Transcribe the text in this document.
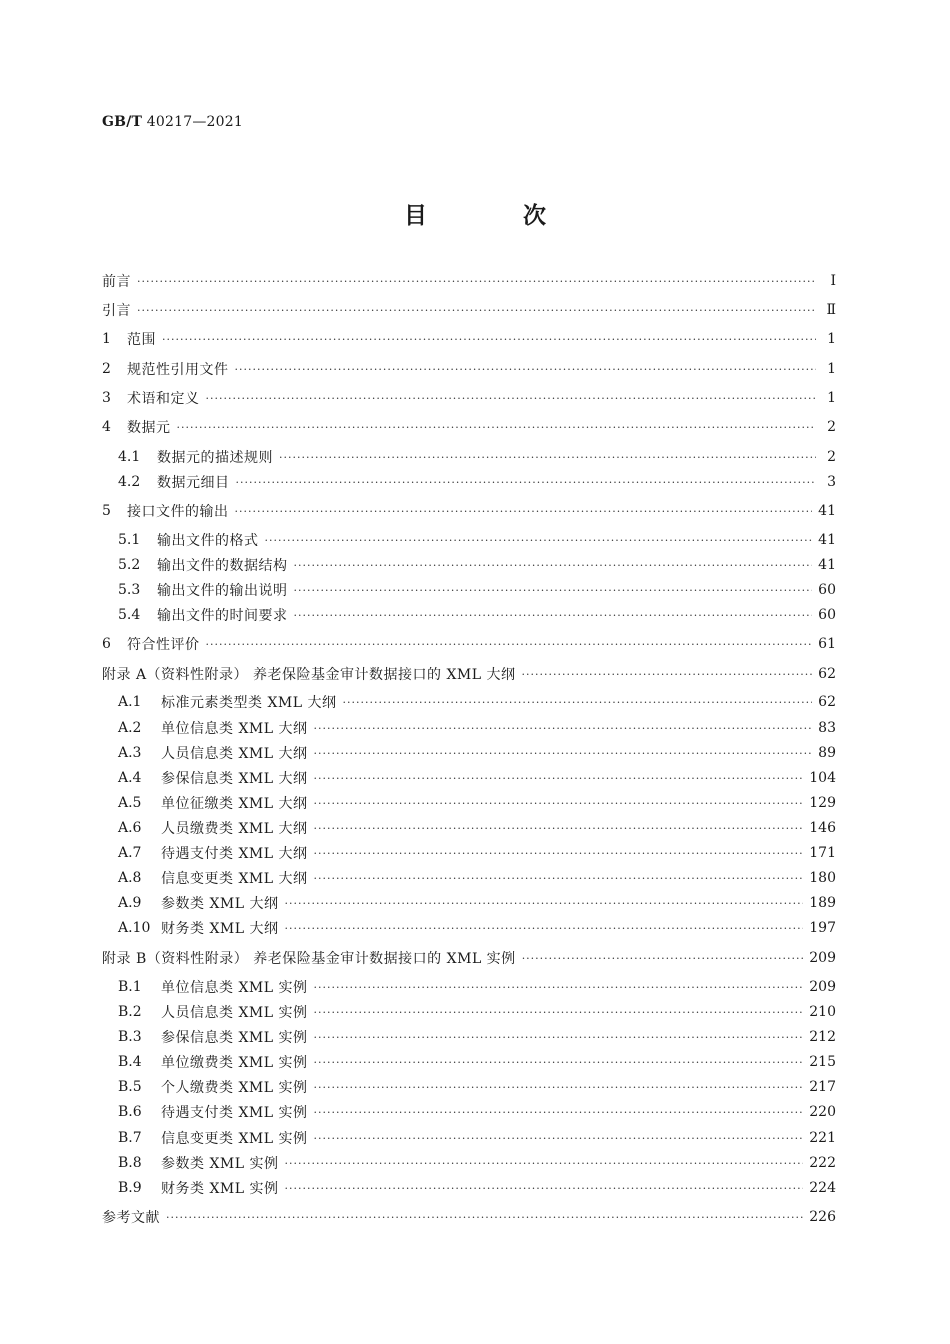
GB/T 40217—2021
目 次
前言 ·····	Ⅰ
引言 ·····	Ⅱ
1	范围 ·····	1
2	规范性引用文件 ·····	1
3	术语和定义 ·····	1
4	数据元 ·····	2
4.1	数据元的描述规则 ·····	2
4.2	数据元细目 ·····	3
5	接口文件的输出 ·····	41
5.1	输出文件的格式 ·····	41
5.2	输出文件的数据结构 ·····	41
5.3	输出文件的输出说明 ·····	60
5.4	输出文件的时间要求 ·····	60
6	符合性评价 ·····	61
附录 A（资料性附录） 养老保险基金审计数据接口的 XML 大纲 ·····	62
A.1	标准元素类型类 XML 大纲 ·····	62
A.2	单位信息类 XML 大纲 ·····	83
A.3	人员信息类 XML 大纲 ·····	89
A.4	参保信息类 XML 大纲 ·····	104
A.5	单位征缴类 XML 大纲 ·····	129
A.6	人员缴费类 XML 大纲 ·····	146
A.7	待遇支付类 XML 大纲 ·····	171
A.8	信息变更类 XML 大纲 ·····	180
A.9	参数类 XML 大纲 ·····	189
A.10 财务类 XML 大纲 ·····	197
附录 B（资料性附录） 养老保险基金审计数据接口的 XML 实例 ·····	209
B.1	单位信息类 XML 实例 ·····	209
B.2	人员信息类 XML 实例 ·····	210
B.3	参保信息类 XML 实例 ·····	212
B.4	单位缴费类 XML 实例 ·····	215
B.5	个人缴费类 XML 实例 ·····	217
B.6	待遇支付类 XML 实例 ·····	220
B.7	信息变更类 XML 实例 ·····	221
B.8	参数类 XML 实例 ·····	222
B.9	财务类 XML 实例 ·····	224
参考文献 ·····	226
